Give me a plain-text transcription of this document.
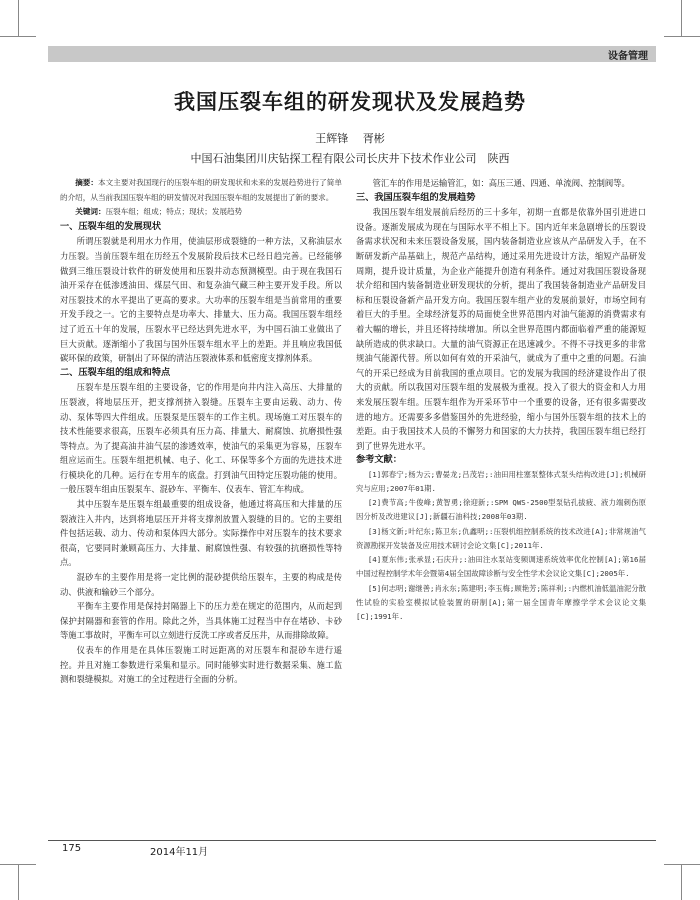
设备管理
我国压裂车组的研发现状及发展趋势
王辉锋　 胥彬
中国石油集团川庆钻探工程有限公司长庆井下技术作业公司　陕西

摘要：本文主要对我国现行的压裂车组的研发现状和未来的发展趋势进行了简单的介绍，从当前我国压裂车组的研发情况对我国压裂车组的发展提出了新的要求。

关键词：压裂车组；组成；特点；现状；发展趋势

一、压裂车组的发展现状

所谓压裂就是利用水力作用，使油层形成裂缝的一种方法，又称油层水力压裂。当前压裂车组在历经五个发展阶段后技术已经日趋完善。已经能够做到三维压裂设计软件的研发使用和压裂井动态预测模型。由于现在我国石油开采存在低渗透油田、煤层气田、和复杂油气藏三种主要开发手段。所以对压裂技术的水平提出了更高的要求。大功率的压裂车组是当前常用的重要开发手段之一。它的主要特点是功率大、排量大、压力高。我国压裂车组经过了近五十年的发展，压裂水平已经达到先进水平，为中国石油工业做出了巨大贡献。逐渐缩小了我国与国外压裂车组水平上的差距。并且响应我国低碳环保的政策，研制出了环保的清洁压裂液体系和低密度支撑剂体系。

二、压裂车组的组成和特点

压裂车是压裂车组的主要设备，它的作用是向井内注入高压、大排量的压裂液，将地层压开，把支撑剂挤入裂缝。压裂车主要由运载、动力、传动、泵体等四大件组成。压裂泵是压裂车的工作主机。现场施工对压裂车的技术性能要求很高，压裂车必须具有压力高、排量大、耐腐蚀、抗磨损性强等特点。为了提高油井油气层的渗透效率，使油气的采集更为容易，压裂车组应运而生。压裂车组把机械、电子、化工、环保等多个方面的先进技术进行模块化的几种。运行在专用车的底盘。打到油气田特定压裂功能的使用。一般压裂车组由压裂泵车、混砂车、平衡车、仪表车、管汇车构成。

其中压裂车是压裂车组最重要的组成设备，他通过将高压和大排量的压裂液注入井内，达到将地层压开并将支撑剂放置入裂缝的目的。它的主要组件包括运载、动力、传动和泵体四大部分。实际操作中对压裂车的技术要求很高，它要同时兼顾高压力、大排量、耐腐蚀性强、有较强的抗磨损性等特点。

混砂车的主要作用是将一定比例的混砂提供给压裂车，主要的构成是传动、供液和输砂三个部分。

平衡车主要作用是保持封隔器上下的压力差在规定的范围内，从而起到保护封隔器和套管的作用。除此之外，当具体施工过程当中存在堵砂、卡砂等施工事故时，平衡车可以立刻进行反洗工序或者反压井，从而排除故障。

仪表车的作用是在具体压裂施工时远距离的对压裂车和混砂车进行遥控。并且对施工参数进行采集和显示。同时能够实时进行数据采集、施工监测和裂缝模拟。对施工的全过程进行全面的分析。

管汇车的作用是运输管汇，如：高压三通、四通、单流阀、控制阀等。

三、我国压裂车组的发展趋势

我国压裂车组发展前后经历的三十多年，初期一直都是依靠外国引进进口设备。逐渐发展成为现在与国际水平不相上下。国内近年来急剧增长的压裂设备需求状况和未来压裂设备发展，国内装备制造业应该从产品研发入手，在不断研发新产品基础上，规范产品结构，通过采用先进设计方法，缩短产品研发周期，提升设计质量，为企业产能提升创造有利条件。通过对我国压裂设备现状介绍和国内装备制造业研发现状的分析，提出了我国装备制造业产品研发目标和压裂设备新产品开发方向。我国压裂车组产业的发展前景好，市场空间有着巨大的手里。全球经济复苏的局面使全世界范围内对油气能源的消费需求有着大幅的增长，并且还将持续增加。所以全世界范围内都面临着严重的能源短缺所造成的供求缺口。大量的油气资源正在迅速减少。不得不寻找更多的非常规油气能源代替。所以如何有效的开采油气，就成为了重中之重的问题。石油气的开采已经成为目前我国的重点项目。它的发展为我国的经济建设作出了很大的贡献。所以我国对压裂车组的发展极为重视。投入了很大的资金和人力用来发展压裂车组。压裂车组作为开采环节中一个重要的设备，还有很多需要改进的地方。还需要多多借鉴国外的先进经验，缩小与国外压裂车组的技术上的差距。由于我国技术人员的不懈努力和国家的大力扶持，我国压裂车组已经打到了世界先进水平。

参考文献：

[1]郭春宁;杨为云;曹晏龙;吕茂岩;:油田用柱塞泵整体式泵头结构改进[J];机械研究与应用;2007年01期.

[2]费节高;牛俊峰;黄智勇;徐迎新;:SPM QWS-2500型泵钻孔拔疲、液力端刺伤原因分析及改进建议[J];新疆石油科技;2008年03期.

[3]杨文新;叶纪东;陈卫东;仇鑫明;:压裂机组控制系统的技术改进[A];非常规油气资源勘探开发装备及应用技术研讨会论文集[C];2011年.

[4]夏东伟;张承显;石庆升;:油田注水泵站变频调速系统效率优化控制[A];第16届中国过程控制学术年会暨第4届全国故障诊断与安全性学术会议论文集[C];2005年.

[5]何志明;谢继善;肖永东;陈建明;李玉梅;顾艳芳;陈祥利;:内燃机油低温油泥分散性试验的实验室模拟试验装置的研制[A];第一届全国青年摩擦学学术会议论文集[C];1991年.

175	2014年11月
